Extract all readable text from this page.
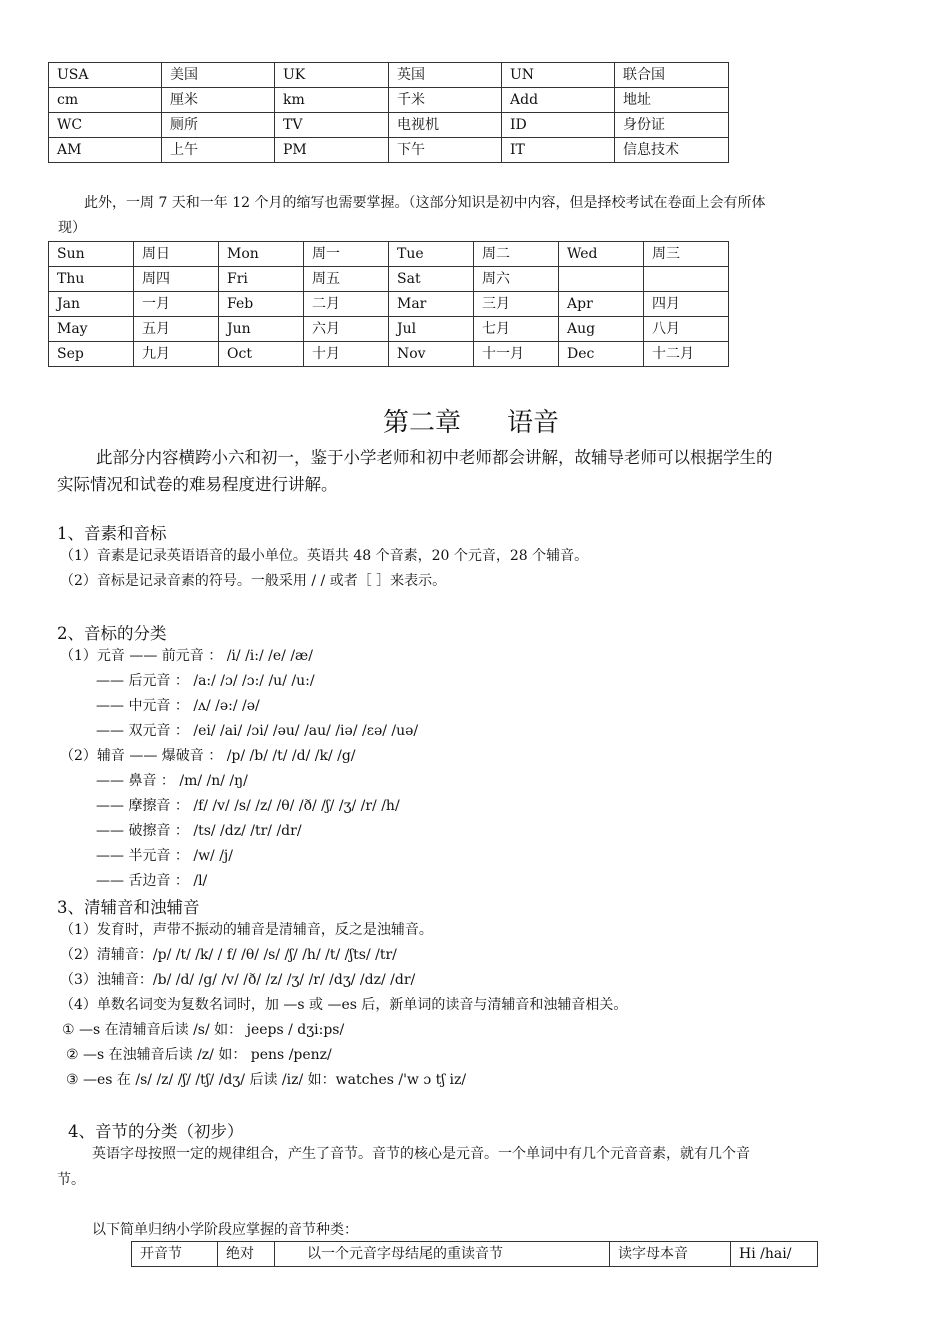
USA	美国	UK	英国	UN	联合国
cm	厘米	km	千米	Add	地址
WC	厕所	TV	电视机	ID	身份证
AM	上午	PM	下午	IT	信息技术
此外，一周 7 天和一年 12 个月的缩写也需要掌握。（这部分知识是初中内容，但是择校考试在卷面上会有所体
现）
Sun	周日	Mon	周一	Tue	周二	Wed	周三
Thu	周四	Fri	周五	Sat	周六		
Jan	一月	Feb	二月	Mar	三月	Apr	四月
May	五月	Jun	六月	Jul	七月	Aug	八月
Sep	九月	Oct	十月	Nov	十一月	Dec	十二月
第二章 语音
此部分内容横跨小六和初一，鉴于小学老师和初中老师都会讲解，故辅导老师可以根据学生的
实际情况和试卷的难易程度进行讲解。
1、音素和音标
（1）音素是记录英语语音的最小单位。英语共 48 个音素，20 个元音，28 个辅音。
（2）音标是记录音素的符号。一般采用 / / 或者［ ］来表示。
2、音标的分类
（1）元音 —— 前元音 ： /i/ /i:/ /e/ /æ/
—— 后元音 ： /a:/ /ɔ/ /ɔ:/ /u/ /u:/
—— 中元音 ： /ʌ/ /ə:/ /ə/
—— 双元音 ： /ei/ /ai/ /ɔi/ /əu/ /au/ /iə/ /ɛə/ /uə/
（2）辅音 —— 爆破音 ： /p/ /b/ /t/ /d/ /k/ /g/
—— 鼻音 ： /m/ /n/ /ŋ/
—— 摩擦音 ： /f/ /v/ /s/ /z/ /θ/ /ð/ /ʃ/ /ʒ/ /r/ /h/
—— 破擦音 ： /ts/ /dz/ /tr/ /dr/
—— 半元音 ： /w/ /j/
—— 舌边音 ： /l/
3、清辅音和浊辅音
（1）发育时，声带不振动的辅音是清辅音，反之是浊辅音。
（2）清辅音：/p/ /t/ /k/ / f/ /θ/ /s/ /ʃ/ /h/ /t/ /ʃts/ /tr/
（3）浊辅音：/b/ /d/ /g/ /v/ /ð/ /z/ /ʒ/ /r/ /dʒ/ /dz/ /dr/
（4）单数名词变为复数名词时，加 —s 或 —es 后，新单词的读音与清辅音和浊辅音相关。
① —s 在清辅音后读 /s/ 如： jeeps / dʒi:ps/
② —s 在浊辅音后读 /z/ 如： pens /penz/
③ —es 在 /s/ /z/ /ʃ/ /tʃ/ /dʒ/ 后读 /iz/ 如：watches /'w ɔ tʃ iz/
4、音节的分类（初步）
英语字母按照一定的规律组合，产生了音节。音节的核心是元音。一个单词中有几个元音音素，就有几个音
节。
以下简单归纳小学阶段应掌握的音节种类：
开音节	绝对	以一个元音字母结尾的重读音节	读字母本音	Hi /hai/
